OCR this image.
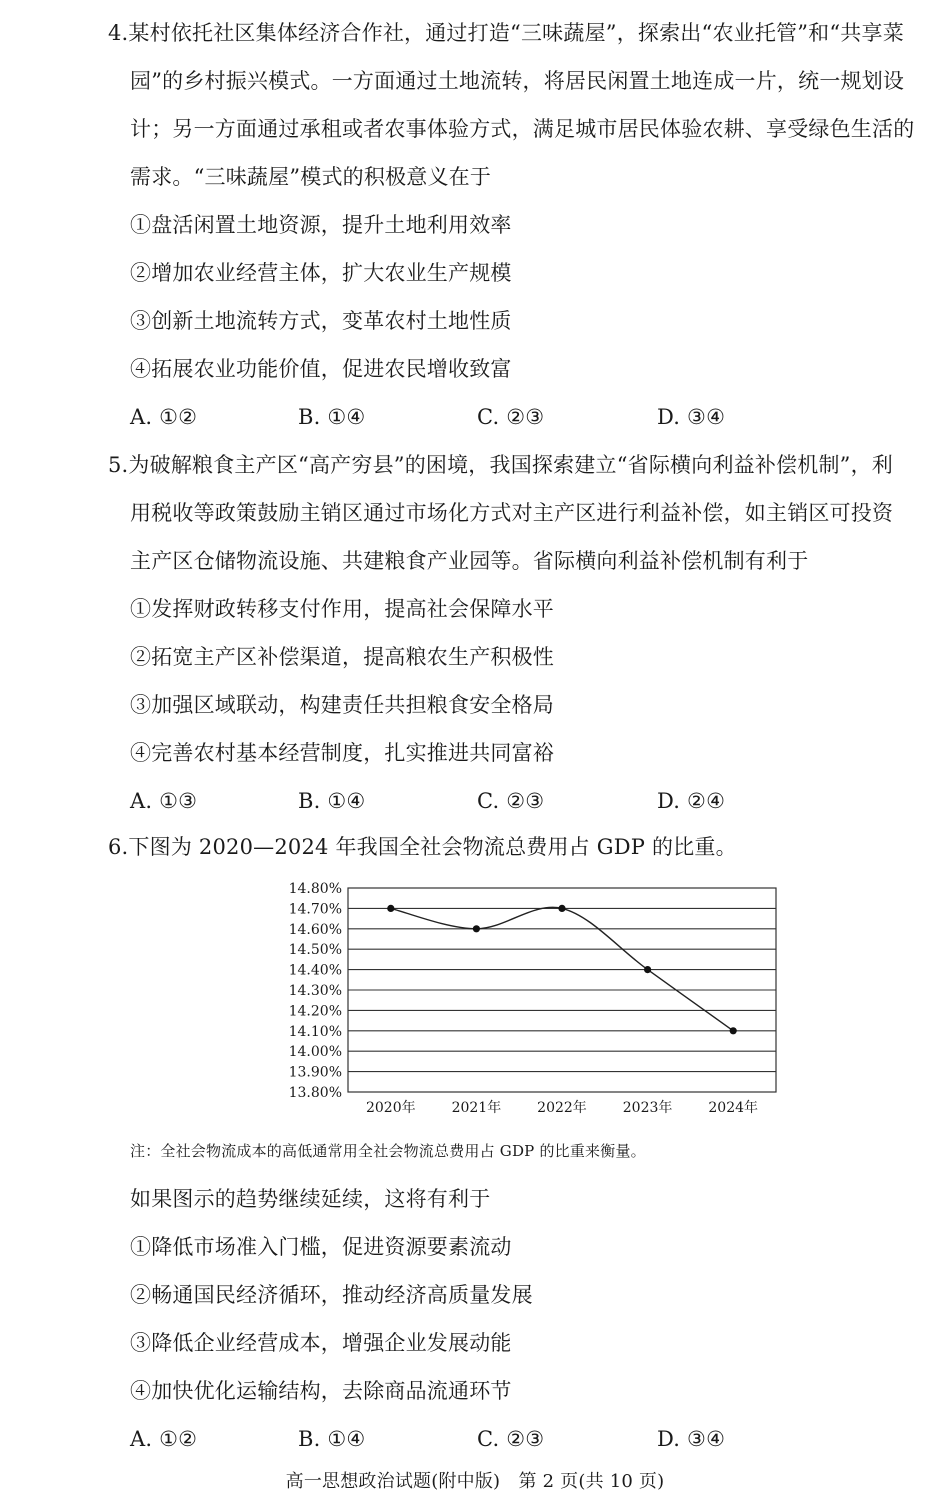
4.某村依托社区集体经济合作社，通过打造“三味蔬屋”，探索出“农业托管”和“共享菜
园”的乡村振兴模式。一方面通过土地流转，将居民闲置土地连成一片，统一规划设
计；另一方面通过承租或者农事体验方式，满足城市居民体验农耕、享受绿色生活的
需求。“三味蔬屋”模式的积极意义在于
①盘活闲置土地资源，提升土地利用效率
②增加农业经营主体，扩大农业生产规模
③创新土地流转方式，变革农村土地性质
④拓展农业功能价值，促进农民增收致富
A. ①②	B. ①④	C. ②③	D. ③④
5.为破解粮食主产区“高产穷县”的困境，我国探索建立“省际横向利益补偿机制”，利
用税收等政策鼓励主销区通过市场化方式对主产区进行利益补偿，如主销区可投资
主产区仓储物流设施、共建粮食产业园等。省际横向利益补偿机制有利于
①发挥财政转移支付作用，提高社会保障水平
②拓宽主产区补偿渠道，提高粮农生产积极性
③加强区域联动，构建责任共担粮食安全格局
④完善农村基本经营制度，扎实推进共同富裕
A. ①③	B. ①④	C. ②③	D. ②④
6.下图为 2020—2024 年我国全社会物流总费用占 GDP 的比重。
14.80%
14.70%
14.60%
14.50%
14.40%
14.30%
14.20%
14.10%
14.00%
13.90%
13.80%
2020年	2021年	2022年	2023年	2024年
注：全社会物流成本的高低通常用全社会物流总费用占 GDP 的比重来衡量。
如果图示的趋势继续延续，这将有利于
①降低市场准入门槛，促进资源要素流动
②畅通国民经济循环，推动经济高质量发展
③降低企业经营成本，增强企业发展动能
④加快优化运输结构，去除商品流通环节
A. ①②	B. ①④	C. ②③	D. ③④
高一思想政治试题(附中版)　第 2 页(共 10 页)
